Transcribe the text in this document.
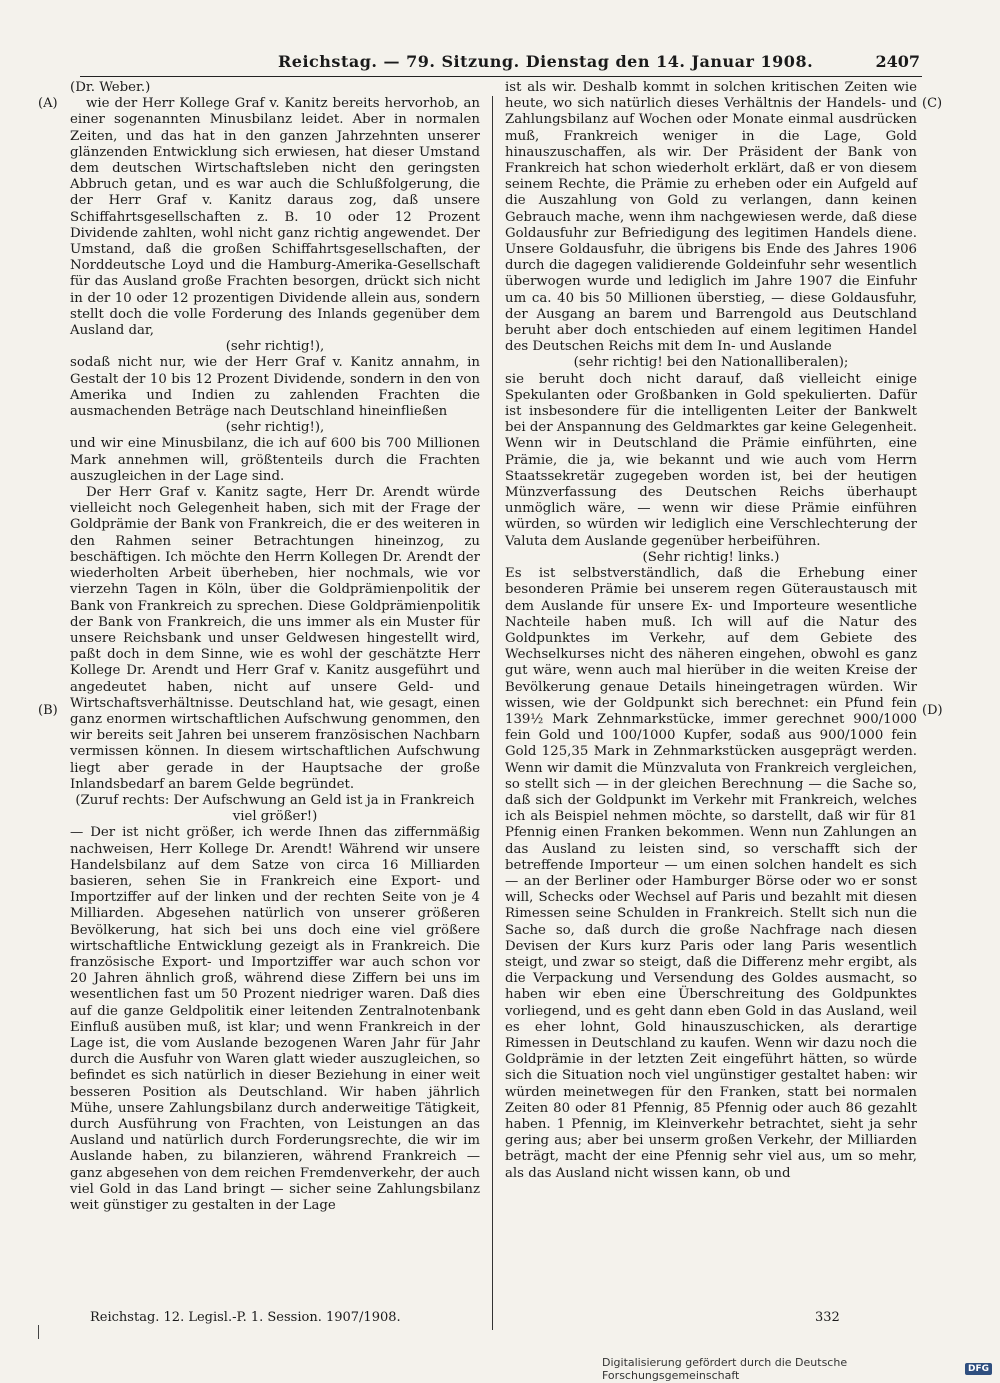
Reichstag. — 79. Sitzung. Dienstag den 14. Januar 1908.	2407
(A)
(B)
(C)
(D)

(Dr. Weber.)

wie der Herr Kollege Graf v. Kanitz bereits hervorhob, an einer sogenannten Minusbilanz leidet. Aber in normalen Zeiten, und das hat in den ganzen Jahrzehnten unserer glänzenden Entwicklung sich erwiesen, hat dieser Umstand dem deutschen Wirtschaftsleben nicht den geringsten Abbruch getan, und es war auch die Schlußfolgerung, die der Herr Graf v. Kanitz daraus zog, daß unsere Schiffahrtsgesellschaften z. B. 10 oder 12 Prozent Dividende zahlten, wohl nicht ganz richtig angewendet. Der Umstand, daß die großen Schiffahrtsgesellschaften, der Norddeutsche Loyd und die Hamburg-Amerika-Gesellschaft für das Ausland große Frachten besorgen, drückt sich nicht in der 10 oder 12 prozentigen Dividende allein aus, sondern stellt doch die volle Forderung des Inlands gegenüber dem Ausland dar,

(sehr richtig!),

sodaß nicht nur, wie der Herr Graf v. Kanitz annahm, in Gestalt der 10 bis 12 Prozent Dividende, sondern in den von Amerika und Indien zu zahlenden Frachten die ausmachenden Beträge nach Deutschland hineinfließen

(sehr richtig!),

und wir eine Minusbilanz, die ich auf 600 bis 700 Millionen Mark annehmen will, größtenteils durch die Frachten auszugleichen in der Lage sind.

Der Herr Graf v. Kanitz sagte, Herr Dr. Arendt würde vielleicht noch Gelegenheit haben, sich mit der Frage der Goldprämie der Bank von Frankreich, die er des weiteren in den Rahmen seiner Betrachtungen hineinzog, zu beschäftigen. Ich möchte den Herrn Kollegen Dr. Arendt der wiederholten Arbeit überheben, hier nochmals, wie vor vierzehn Tagen in Köln, über die Goldprämienpolitik der Bank von Frankreich zu sprechen. Diese Goldprämienpolitik der Bank von Frankreich, die uns immer als ein Muster für unsere Reichsbank und unser Geldwesen hingestellt wird, paßt doch in dem Sinne, wie es wohl der geschätzte Herr Kollege Dr. Arendt und Herr Graf v. Kanitz ausgeführt und angedeutet haben, nicht auf unsere Geld- und Wirtschaftsverhältnisse. Deutschland hat, wie gesagt, einen ganz enormen wirtschaftlichen Aufschwung genommen, den wir bereits seit Jahren bei unserem französischen Nachbarn vermissen können. In diesem wirtschaftlichen Aufschwung liegt aber gerade in der Hauptsache der große Inlandsbedarf an barem Gelde begründet.

(Zuruf rechts: Der Aufschwung an Geld ist ja in Frankreich viel größer!)

— Der ist nicht größer, ich werde Ihnen das ziffernmäßig nachweisen, Herr Kollege Dr. Arendt! Während wir unsere Handelsbilanz auf dem Satze von circa 16 Milliarden basieren, sehen Sie in Frankreich eine Export- und Importziffer auf der linken und der rechten Seite von je 4 Milliarden. Abgesehen natürlich von unserer größeren Bevölkerung, hat sich bei uns doch eine viel größere wirtschaftliche Entwicklung gezeigt als in Frankreich. Die französische Export- und Importziffer war auch schon vor 20 Jahren ähnlich groß, während diese Ziffern bei uns im wesentlichen fast um 50 Prozent niedriger waren. Daß dies auf die ganze Geldpolitik einer leitenden Zentralnotenbank Einfluß ausüben muß, ist klar; und wenn Frankreich in der Lage ist, die vom Auslande bezogenen Waren Jahr für Jahr durch die Ausfuhr von Waren glatt wieder auszugleichen, so befindet es sich natürlich in dieser Beziehung in einer weit besseren Position als Deutschland. Wir haben jährlich Mühe, unsere Zahlungsbilanz durch anderweitige Tätigkeit, durch Ausführung von Frachten, von Leistungen an das Ausland und natürlich durch Forderungsrechte, die wir im Auslande haben, zu bilanzieren, während Frankreich — ganz abgesehen von dem reichen Fremdenverkehr, der auch viel Gold in das Land bringt — sicher seine Zahlungsbilanz weit günstiger zu gestalten in der Lage

ist als wir. Deshalb kommt in solchen kritischen Zeiten wie heute, wo sich natürlich dieses Verhältnis der Handels- und Zahlungsbilanz auf Wochen oder Monate einmal ausdrücken muß, Frankreich weniger in die Lage, Gold hinauszuschaffen, als wir. Der Präsident der Bank von Frankreich hat schon wiederholt erklärt, daß er von diesem seinem Rechte, die Prämie zu erheben oder ein Aufgeld auf die Auszahlung von Gold zu verlangen, dann keinen Gebrauch mache, wenn ihm nachgewiesen werde, daß diese Goldausfuhr zur Befriedigung des legitimen Handels diene. Unsere Goldausfuhr, die übrigens bis Ende des Jahres 1906 durch die dagegen validierende Goldeinfuhr sehr wesentlich überwogen wurde und lediglich im Jahre 1907 die Einfuhr um ca. 40 bis 50 Millionen überstieg, — diese Goldausfuhr, der Ausgang an barem und Barrengold aus Deutschland beruht aber doch entschieden auf einem legitimen Handel des Deutschen Reichs mit dem In- und Auslande

(sehr richtig! bei den Nationalliberalen);

sie beruht doch nicht darauf, daß vielleicht einige Spekulanten oder Großbanken in Gold spekulierten. Dafür ist insbesondere für die intelligenten Leiter der Bankwelt bei der Anspannung des Geldmarktes gar keine Gelegenheit. Wenn wir in Deutschland die Prämie einführten, eine Prämie, die ja, wie bekannt und wie auch vom Herrn Staatssekretär zugegeben worden ist, bei der heutigen Münzverfassung des Deutschen Reichs überhaupt unmöglich wäre, — wenn wir diese Prämie einführen würden, so würden wir lediglich eine Verschlechterung der Valuta dem Auslande gegenüber herbeiführen.

(Sehr richtig! links.)

Es ist selbstverständlich, daß die Erhebung einer besonderen Prämie bei unserem regen Güteraustausch mit dem Auslande für unsere Ex- und Importeure wesentliche Nachteile haben muß. Ich will auf die Natur des Goldpunktes im Verkehr, auf dem Gebiete des Wechselkurses nicht des näheren eingehen, obwohl es ganz gut wäre, wenn auch mal hierüber in die weiten Kreise der Bevölkerung genaue Details hineingetragen würden. Wir wissen, wie der Goldpunkt sich berechnet: ein Pfund fein 139½ Mark Zehnmarkstücke, immer gerechnet 900/1000 fein Gold und 100/1000 Kupfer, sodaß aus 900/1000 fein Gold 125,35 Mark in Zehnmarkstücken ausgeprägt werden. Wenn wir damit die Münzvaluta von Frankreich vergleichen, so stellt sich — in der gleichen Berechnung — die Sache so, daß sich der Goldpunkt im Verkehr mit Frankreich, welches ich als Beispiel nehmen möchte, so darstellt, daß wir für 81 Pfennig einen Franken bekommen. Wenn nun Zahlungen an das Ausland zu leisten sind, so verschafft sich der betreffende Importeur — um einen solchen handelt es sich — an der Berliner oder Hamburger Börse oder wo er sonst will, Schecks oder Wechsel auf Paris und bezahlt mit diesen Rimessen seine Schulden in Frankreich. Stellt sich nun die Sache so, daß durch die große Nachfrage nach diesen Devisen der Kurs kurz Paris oder lang Paris wesentlich steigt, und zwar so steigt, daß die Differenz mehr ergibt, als die Verpackung und Versendung des Goldes ausmacht, so haben wir eben eine Überschreitung des Goldpunktes vorliegend, und es geht dann eben Gold in das Ausland, weil es eher lohnt, Gold hinauszuschicken, als derartige Rimessen in Deutschland zu kaufen. Wenn wir dazu noch die Goldprämie in der letzten Zeit eingeführt hätten, so würde sich die Situation noch viel ungünstiger gestaltet haben: wir würden meinetwegen für den Franken, statt bei normalen Zeiten 80 oder 81 Pfennig, 85 Pfennig oder auch 86 gezahlt haben. 1 Pfennig, im Kleinverkehr betrachtet, sieht ja sehr gering aus; aber bei unserm großen Verkehr, der Milliarden beträgt, macht der eine Pfennig sehr viel aus, um so mehr, als das Ausland nicht wissen kann, ob und

Reichstag. 12. Legisl.-P. 1. Session. 1907/1908.	332
Digitalisierung gefördert durch die Deutsche Forschungsgemeinschaft	DFG
